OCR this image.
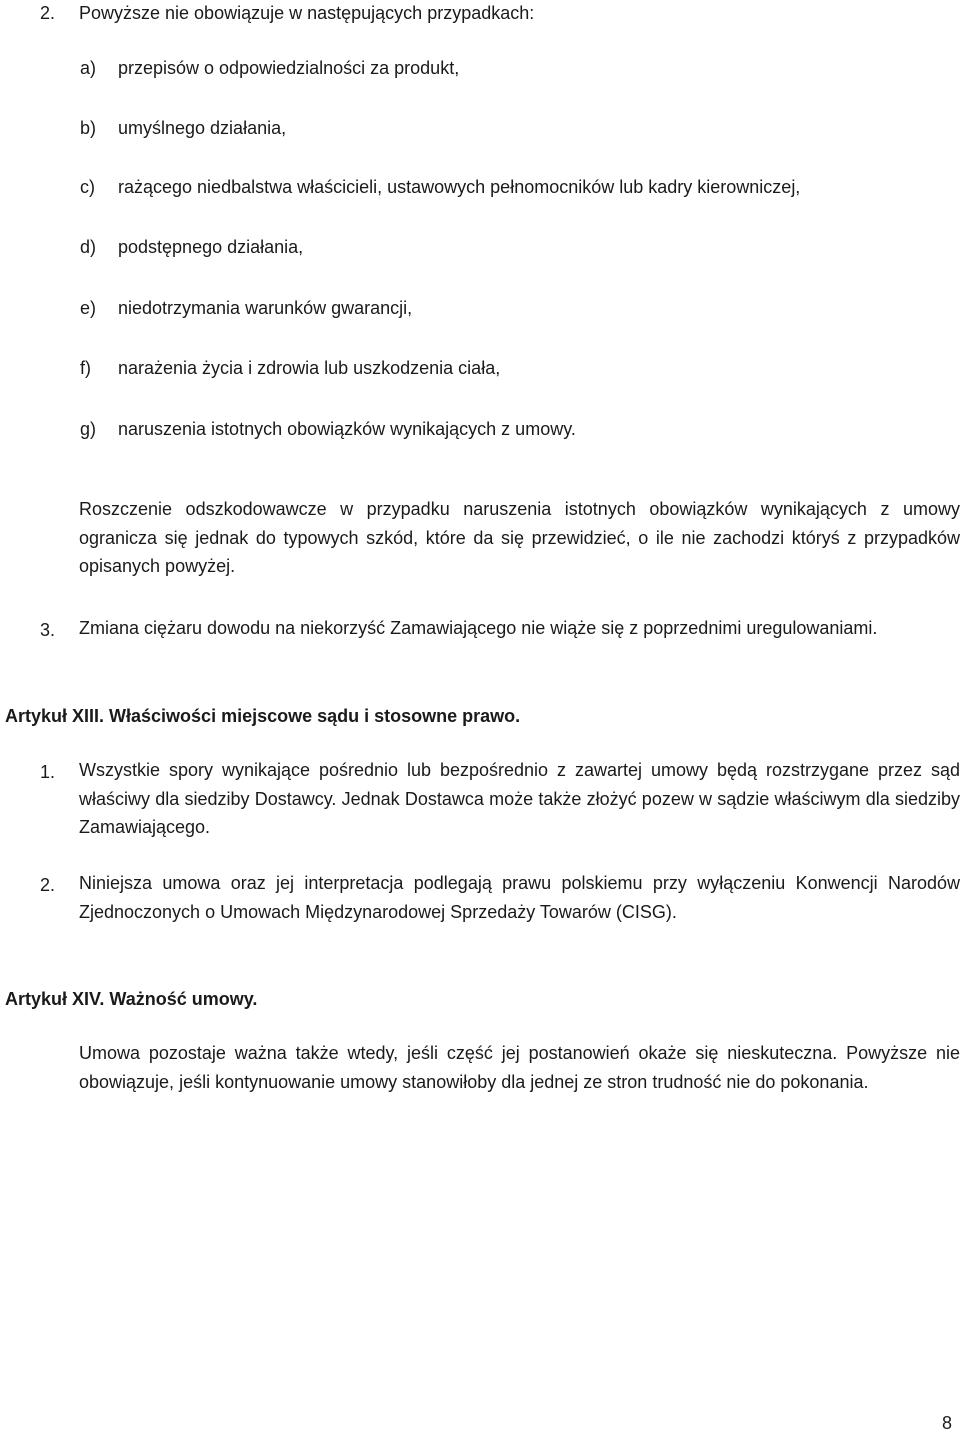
2. Powyższe nie obowiązuje w następujących przypadkach:
a) przepisów o odpowiedzialności za produkt,
b) umyślnego działania,
c) rażącego niedbalstwa właścicieli, ustawowych pełnomocników lub kadry kierowniczej,
d) podstępnego działania,
e) niedotrzymania warunków gwarancji,
f) narażenia życia i zdrowia lub uszkodzenia ciała,
g) naruszenia istotnych obowiązków wynikających z umowy.

Roszczenie odszkodowawcze w przypadku naruszenia istotnych obowiązków wynikających z umowy ogranicza się jednak do typowych szkód, które da się przewidzieć, o ile nie zachodzi któryś z przypadków opisanych powyżej.

3. Zmiana ciężaru dowodu na niekorzyść Zamawiającego nie wiąże się z poprzednimi uregulowaniami.

Artykuł XIII. Właściwości miejscowe sądu i stosowne prawo.
1. Wszystkie spory wynikające pośrednio lub bezpośrednio z zawartej umowy będą rozstrzygane przez sąd właściwy dla siedziby Dostawcy. Jednak Dostawca może także złożyć pozew w sądzie właściwym dla siedziby Zamawiającego.

2. Niniejsza umowa oraz jej interpretacja podlegają prawu polskiemu przy wyłączeniu Konwencji Narodów Zjednoczonych o Umowach Międzynarodowej Sprzedaży Towarów (CISG).

Artykuł XIV. Ważność umowy.

Umowa pozostaje ważna także wtedy, jeśli część jej postanowień okaże się nieskuteczna. Powyższe nie obowiązuje, jeśli kontynuowanie umowy stanowiłoby dla jednej ze stron trudność nie do pokonania.

8
